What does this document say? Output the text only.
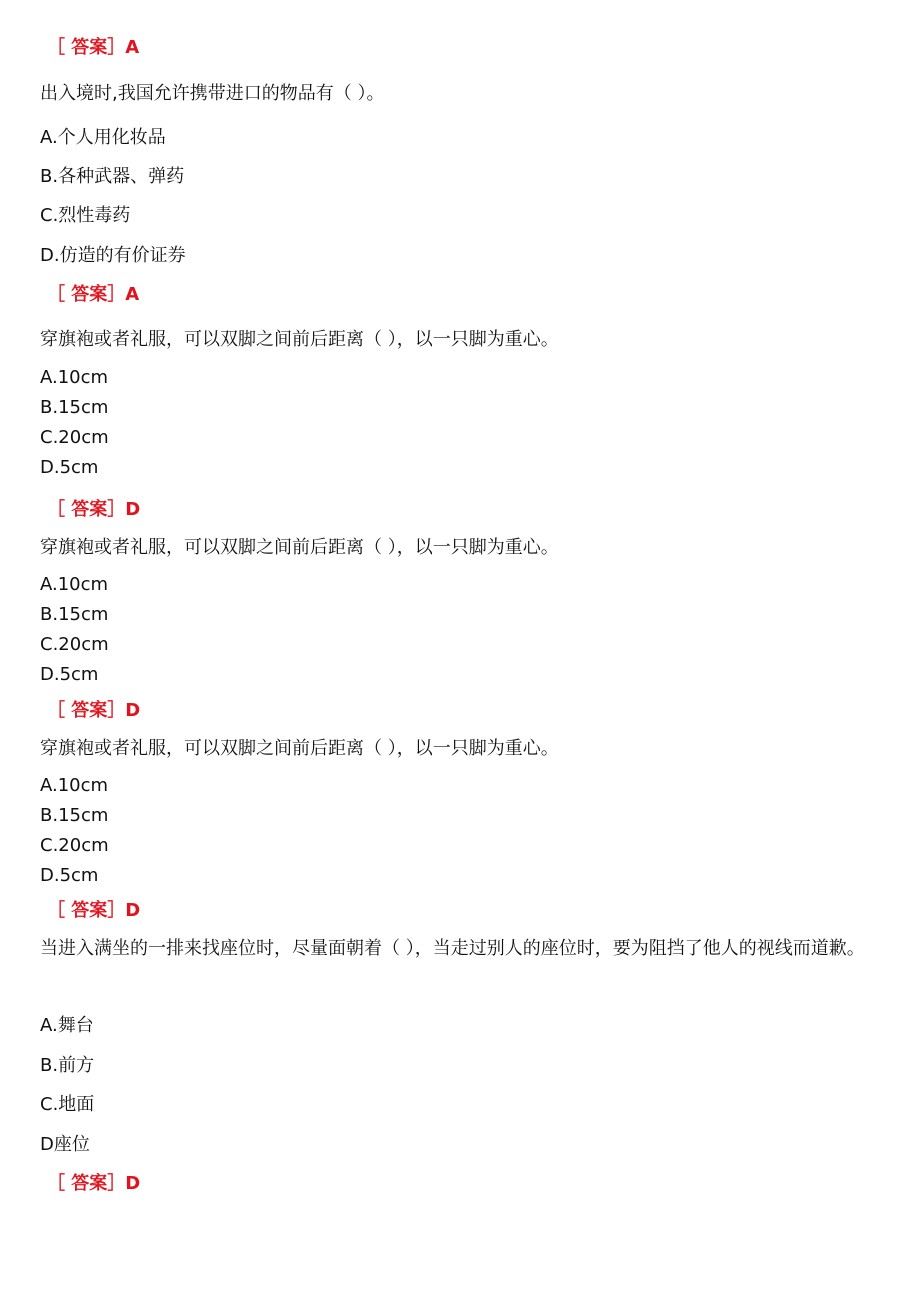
［ 答案］A
出入境时,我国允许携带进口的物品有（ ）。
A.个人用化妆品
B.各种武器、弹药
C.烈性毒药
D.仿造的有价证券
［ 答案］A
穿旗袍或者礼服，可以双脚之间前后距离（ ），以一只脚为重心。
A.10cm
B.15cm
C.20cm
D.5cm
［ 答案］D
穿旗袍或者礼服，可以双脚之间前后距离（ ），以一只脚为重心。
A.10cm
B.15cm
C.20cm
D.5cm
［ 答案］D
穿旗袍或者礼服，可以双脚之间前后距离（ ），以一只脚为重心。
A.10cm
B.15cm
C.20cm
D.5cm
［ 答案］D
当进入满坐的一排来找座位时，尽量面朝着（ ），当走过别人的座位时，要为阻挡了他人的视线而道歉。
A.舞台
B.前方
C.地面
D座位
［ 答案］D
